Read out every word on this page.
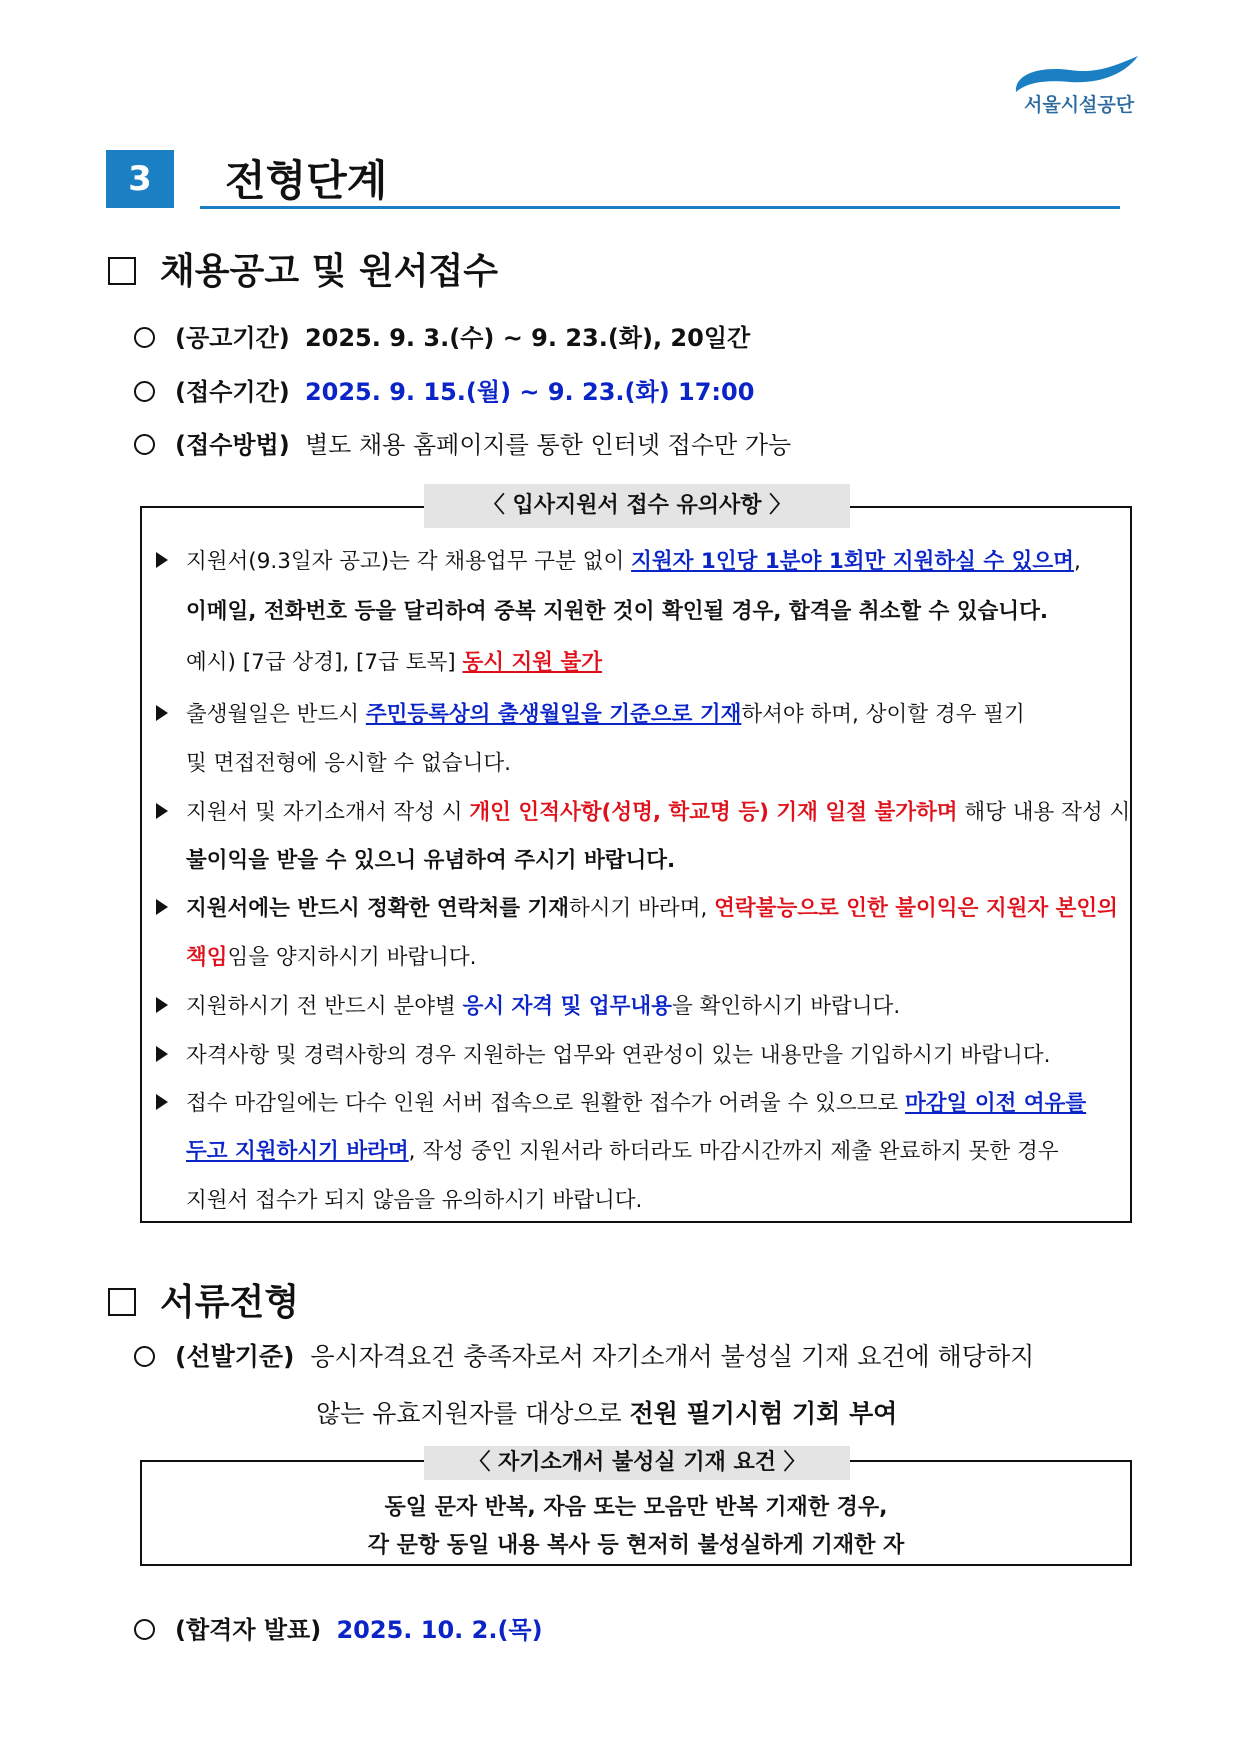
서울시설공단
3	전형단계
채용공고 및 원서접수
(공고기간) 2025. 9. 3.(수) ~ 9. 23.(화), 20일간
(접수기간) 2025. 9. 15.(월) ~ 9. 23.(화) 17:00
(접수방법) 별도 채용 홈페이지를 통한 인터넷 접수만 가능
〈 입사지원서 접수 유의사항 〉
지원서(9.3일자 공고)는 각 채용업무 구분 없이 지원자 1인당 1분야 1회만 지원하실 수 있으며,
이메일, 전화번호 등을 달리하여 중복 지원한 것이 확인될 경우, 합격을 취소할 수 있습니다.
예시) [7급 상경], [7급 토목] 동시 지원 불가
출생월일은 반드시 주민등록상의 출생월일을 기준으로 기재하셔야 하며, 상이할 경우 필기
및 면접전형에 응시할 수 없습니다.
지원서 및 자기소개서 작성 시 개인 인적사항(성명, 학교명 등) 기재 일절 불가하며 해당 내용 작성 시
불이익을 받을 수 있으니 유념하여 주시기 바랍니다.
지원서에는 반드시 정확한 연락처를 기재하시기 바라며, 연락불능으로 인한 불이익은 지원자 본인의
책임임을 양지하시기 바랍니다.
지원하시기 전 반드시 분야별 응시 자격 및 업무내용을 확인하시기 바랍니다.
자격사항 및 경력사항의 경우 지원하는 업무와 연관성이 있는 내용만을 기입하시기 바랍니다.
접수 마감일에는 다수 인원 서버 접속으로 원활한 접수가 어려울 수 있으므로 마감일 이전 여유를
두고 지원하시기 바라며, 작성 중인 지원서라 하더라도 마감시간까지 제출 완료하지 못한 경우
지원서 접수가 되지 않음을 유의하시기 바랍니다.
서류전형
(선발기준) 응시자격요건 충족자로서 자기소개서 불성실 기재 요건에 해당하지
않는 유효지원자를 대상으로 전원 필기시험 기회 부여
〈 자기소개서 불성실 기재 요건 〉
동일 문자 반복, 자음 또는 모음만 반복 기재한 경우,
각 문항 동일 내용 복사 등 현저히 불성실하게 기재한 자
(합격자 발표) 2025. 10. 2.(목)
